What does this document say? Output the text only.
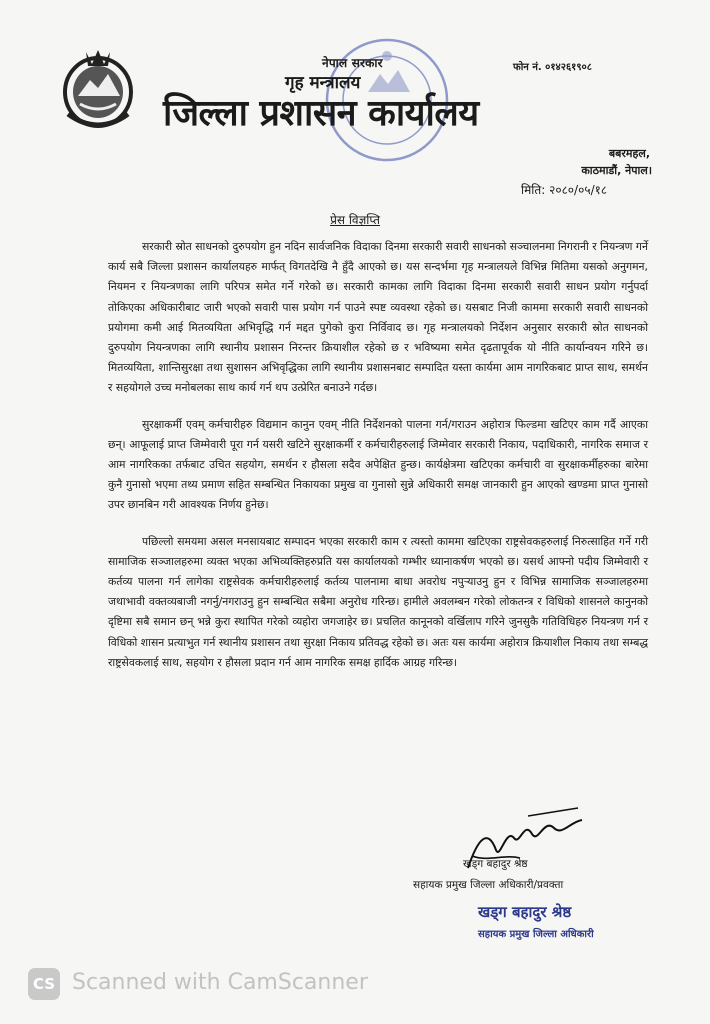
नेपाल सरकार
गृह मन्त्रालय
जिल्ला प्रशासन कार्यालय
फोन नं. ०१४२६१९०८
बबरमहल,
काठमाडौं, नेपाल।
मिति: २०८०/०५/१८
प्रेस विज्ञप्ति

सरकारी स्रोत साधनको दुरुपयोग हुन नदिन सार्वजनिक विदाका दिनमा सरकारी सवारी साधनको सञ्चालनमा निगरानी र नियन्त्रण गर्ने कार्य सबै जिल्ला प्रशासन कार्यालयहरु मार्फत् विगतदेखि नै हुँदै आएको छ। यस सन्दर्भमा गृह मन्त्रालयले विभिन्न मितिमा यसको अनुगमन, नियमन र नियन्त्रणका लागि परिपत्र समेत गर्ने गरेको छ। सरकारी कामका लागि विदाका दिनमा सरकारी सवारी साधन प्रयोग गर्नुपर्दा तोकिएका अधिकारीबाट जारी भएको सवारी पास प्रयोग गर्न पाउने स्पष्ट व्यवस्था रहेको छ। यसबाट निजी काममा सरकारी सवारी साधनको प्रयोगमा कमी आई मितव्ययिता अभिवृद्धि गर्न मद्दत पुगेको कुरा निर्विवाद छ। गृह मन्त्रालयको निर्देशन अनुसार सरकारी स्रोत साधनको दुरुपयोग नियन्त्रणका लागि स्थानीय प्रशासन निरन्तर क्रियाशील रहेको छ र भविष्यमा समेत दृढतापूर्वक यो नीति कार्यान्वयन गरिने छ। मितव्ययिता, शान्तिसुरक्षा तथा सुशासन अभिवृद्धिका लागि स्थानीय प्रशासनबाट सम्पादित यस्ता कार्यमा आम नागरिकबाट प्राप्त साथ, समर्थन र सहयोगले उच्च मनोबलका साथ कार्य गर्न थप उत्प्रेरित बनाउने गर्दछ।

सुरक्षाकर्मी एवम् कर्मचारीहरु विद्यमान कानुन एवम् नीति निर्देशनको पालना गर्न/गराउन अहोरात्र फिल्डमा खटिएर काम गर्दै आएका छन्। आफूलाई प्राप्त जिम्मेवारी पूरा गर्न यसरी खटिने सुरक्षाकर्मी र कर्मचारीहरुलाई जिम्मेवार सरकारी निकाय, पदाधिकारी, नागरिक समाज र आम नागरिकका तर्फबाट उचित सहयोग, समर्थन र हौसला सदैव अपेक्षित हुन्छ। कार्यक्षेत्रमा खटिएका कर्मचारी वा सुरक्षाकर्मीहरुका बारेमा कुनै गुनासो भएमा तथ्य प्रमाण सहित सम्बन्धित निकायका प्रमुख वा गुनासो सुन्ने अधिकारी समक्ष जानकारी हुन आएको खण्डमा प्राप्त गुनासो उपर छानबिन गरी आवश्यक निर्णय हुनेछ।

पछिल्लो समयमा असल मनसायबाट सम्पादन भएका सरकारी काम र त्यस्तो काममा खटिएका राष्ट्रसेवकहरुलाई निरुत्साहित गर्ने गरी सामाजिक सञ्जालहरुमा व्यक्त भएका अभिव्यक्तिहरुप्रति यस कार्यालयको गम्भीर ध्यानाकर्षण भएको छ। यसर्थ आफ्नो पदीय जिम्मेवारी र कर्तव्य पालना गर्न लागेका राष्ट्रसेवक कर्मचारीहरुलाई कर्तव्य पालनामा बाधा अवरोध नपुऱ्याउनु हुन र विभिन्न सामाजिक सञ्जालहरुमा जथाभावी वक्तव्यबाजी नगर्नु/नगराउनु हुन सम्बन्धित सबैमा अनुरोध गरिन्छ। हामीले अवलम्बन गरेको लोकतन्त्र र विधिको शासनले कानुनको दृष्टिमा सबै समान छन् भन्ने कुरा स्थापित गरेको व्यहोरा जगजाहेर छ। प्रचलित कानूनको वर्खिलाप गरिने जुनसुकै गतिविधिहरु नियन्त्रण गर्न र विधिको शासन प्रत्याभुत गर्न स्थानीय प्रशासन तथा सुरक्षा निकाय प्रतिवद्ध रहेको छ। अतः यस कार्यमा अहोरात्र क्रियाशील निकाय तथा सम्बद्ध राष्ट्रसेवकलाई साथ, सहयोग र हौसला प्रदान गर्न आम नागरिक समक्ष हार्दिक आग्रह गरिन्छ।

खड्ग बहादुर श्रेष्ठ
सहायक प्रमुख जिल्ला अधिकारी/प्रवक्ता
खड्ग बहादुर श्रेष्ठ
सहायक प्रमुख जिल्ला अधिकारी
CS Scanned with CamScanner
